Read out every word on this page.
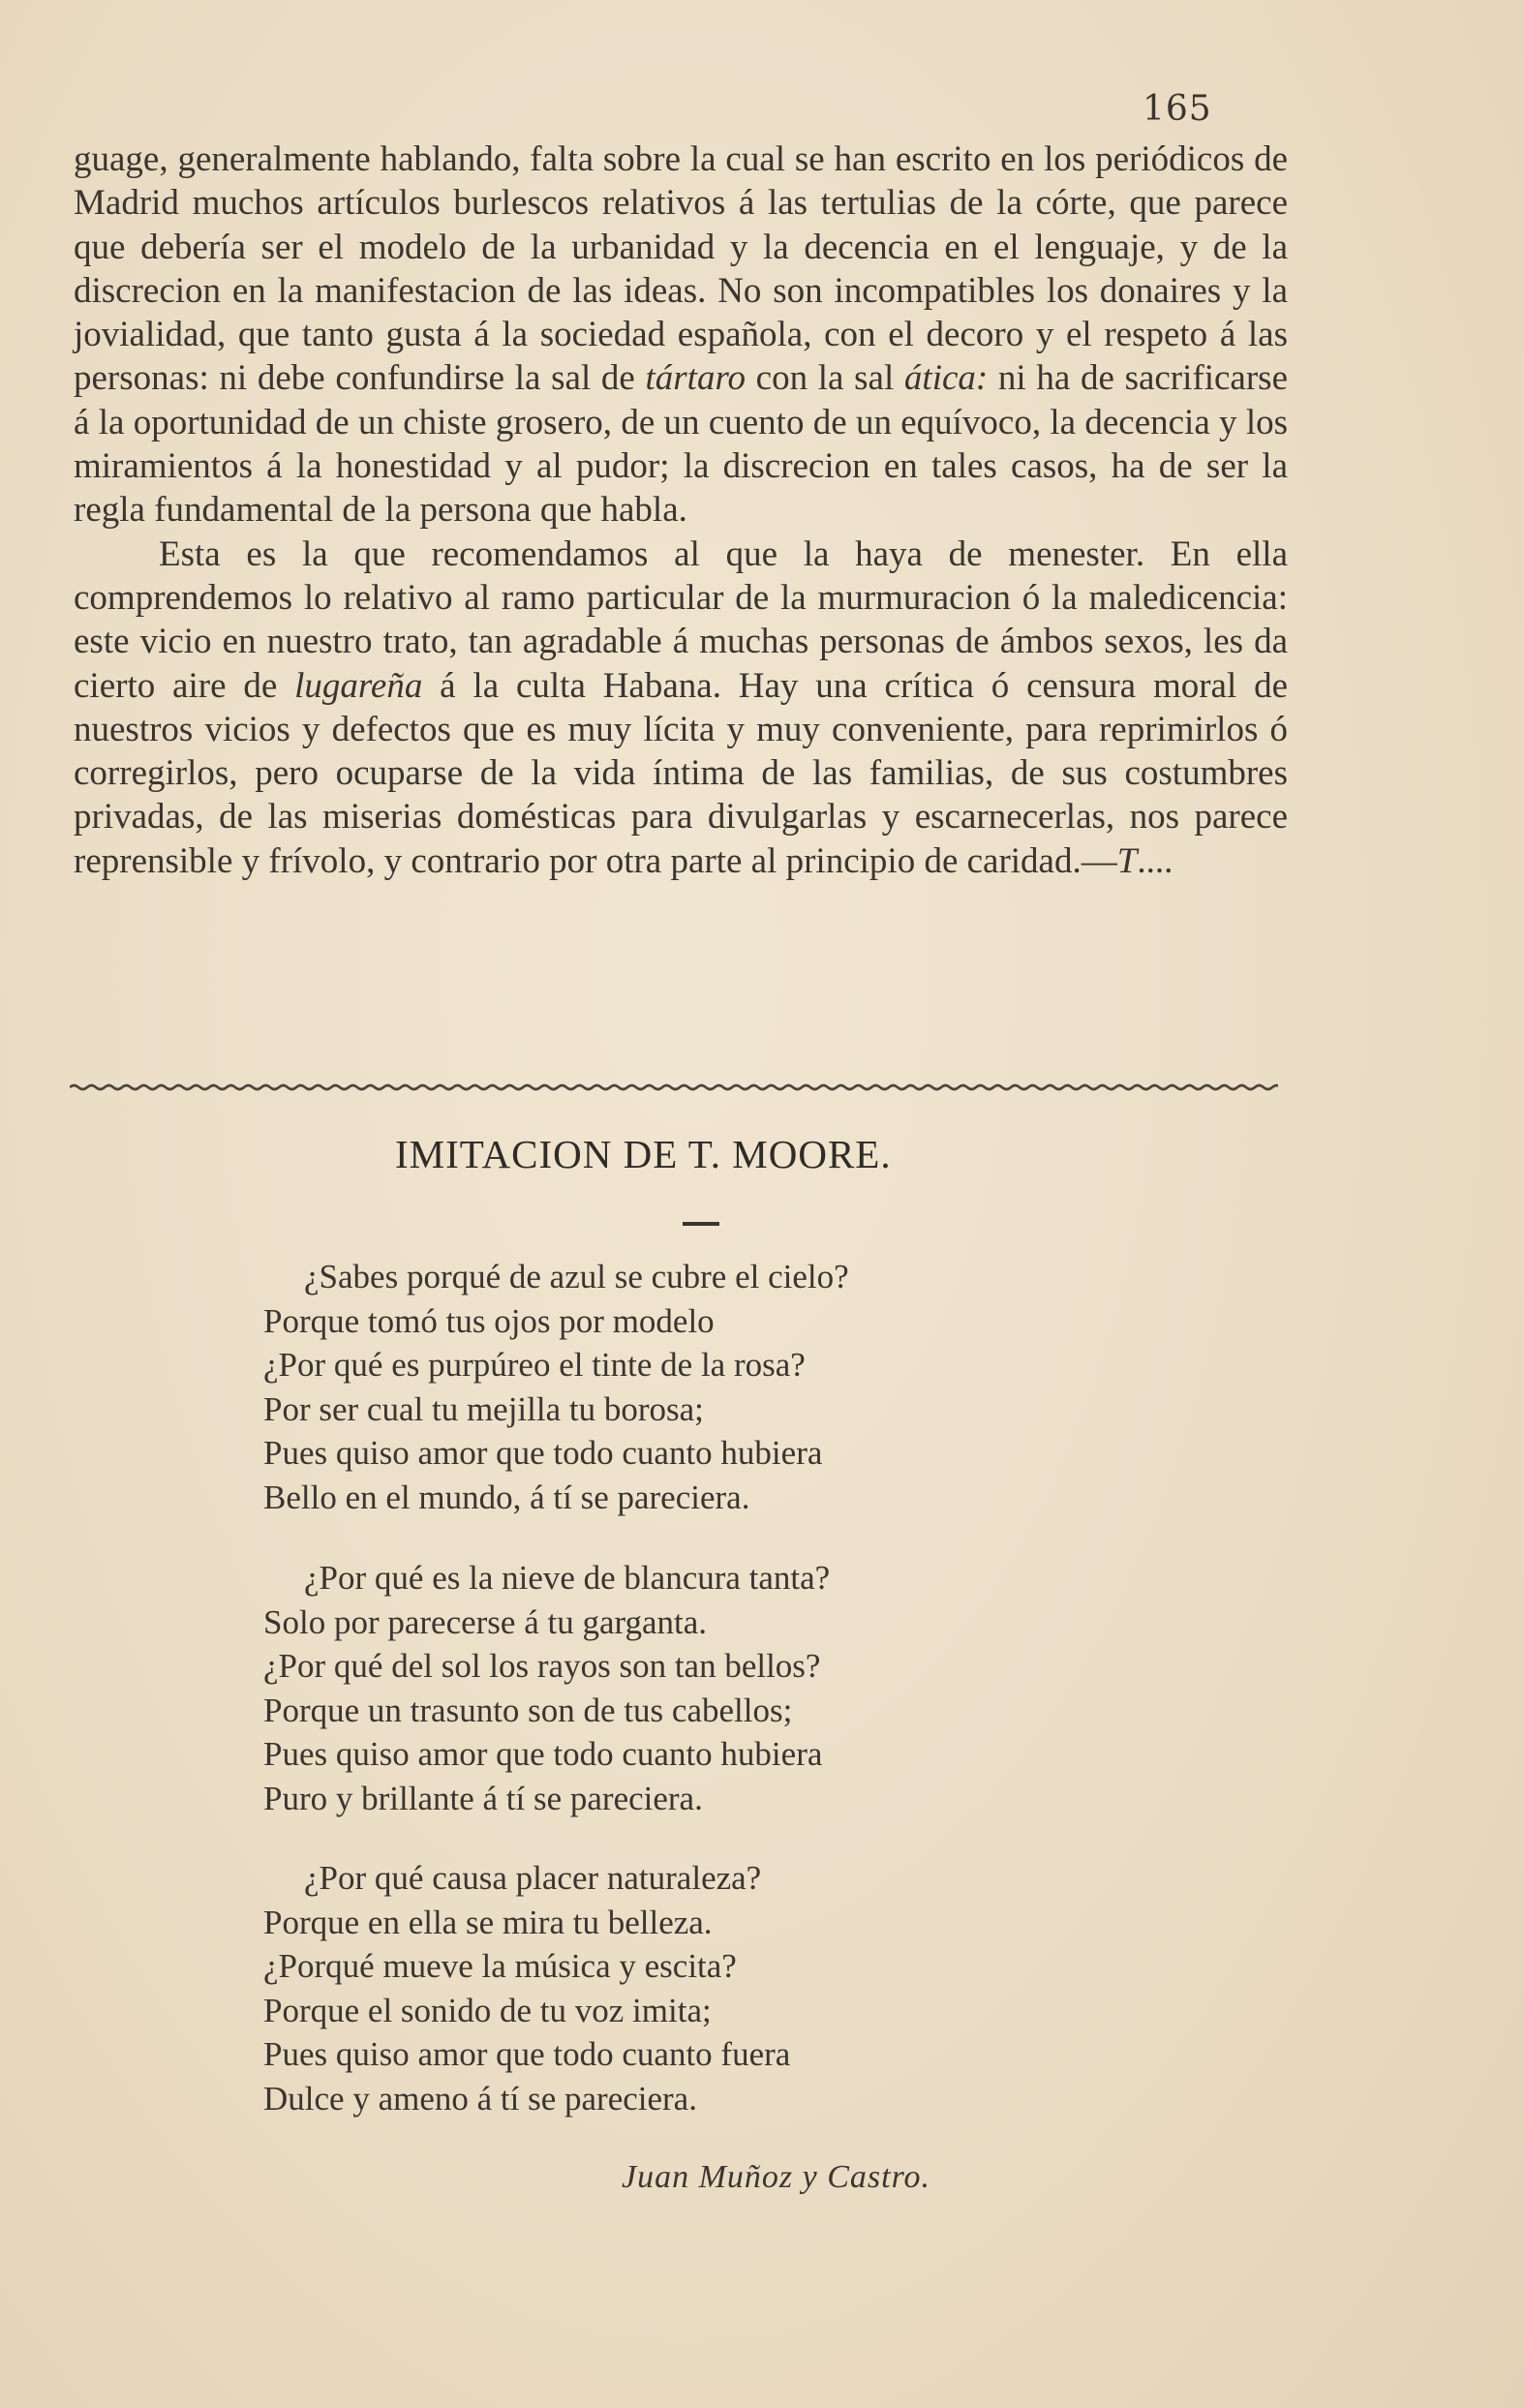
165

guage, generalmente hablando, falta sobre la cual se han escrito en los periódicos de Madrid muchos artículos burlescos relativos á las tertulias de la córte, que parece que debería ser el modelo de la urbanidad y la decencia en el lenguaje, y de la discrecion en la manifestacion de las ideas. No son incompatibles los donaires y la jovialidad, que tanto gusta á la sociedad española, con el decoro y el respeto á las personas: ni debe confundirse la sal de tártaro con la sal ática: ni ha de sacrificarse á la oportunidad de un chiste grosero, de un cuento de un equívoco, la decencia y los miramientos á la honestidad y al pudor; la discrecion en tales casos, ha de ser la regla fundamental de la persona que habla.

Esta es la que recomendamos al que la haya de menester. En ella comprendemos lo relativo al ramo particular de la murmuracion ó la maledicencia: este vicio en nuestro trato, tan agradable á muchas personas de ámbos sexos, les da cierto aire de lugareña á la culta Habana. Hay una crítica ó censura moral de nuestros vicios y defectos que es muy lícita y muy conveniente, para reprimirlos ó corregirlos, pero ocuparse de la vida íntima de las familias, de sus costumbres privadas, de las miserias domésticas para divulgarlas y escarnecerlas, nos parece reprensible y frívolo, y contrario por otra parte al principio de caridad.—T....

IMITACION DE T. MOORE.
¿Sabes porqué de azul se cubre el cielo?
Porque tomó tus ojos por modelo
¿Por qué es purpúreo el tinte de la rosa?
Por ser cual tu mejilla tu borosa;
Pues quiso amor que todo cuanto hubiera
Bello en el mundo, á tí se pareciera.
¿Por qué es la nieve de blancura tanta?
Solo por parecerse á tu garganta.
¿Por qué del sol los rayos son tan bellos?
Porque un trasunto son de tus cabellos;
Pues quiso amor que todo cuanto hubiera
Puro y brillante á tí se pareciera.
¿Por qué causa placer naturaleza?
Porque en ella se mira tu belleza.
¿Porqué mueve la música y escita?
Porque el sonido de tu voz imita;
Pues quiso amor que todo cuanto fuera
Dulce y ameno á tí se pareciera.
Juan Muñoz y Castro.
